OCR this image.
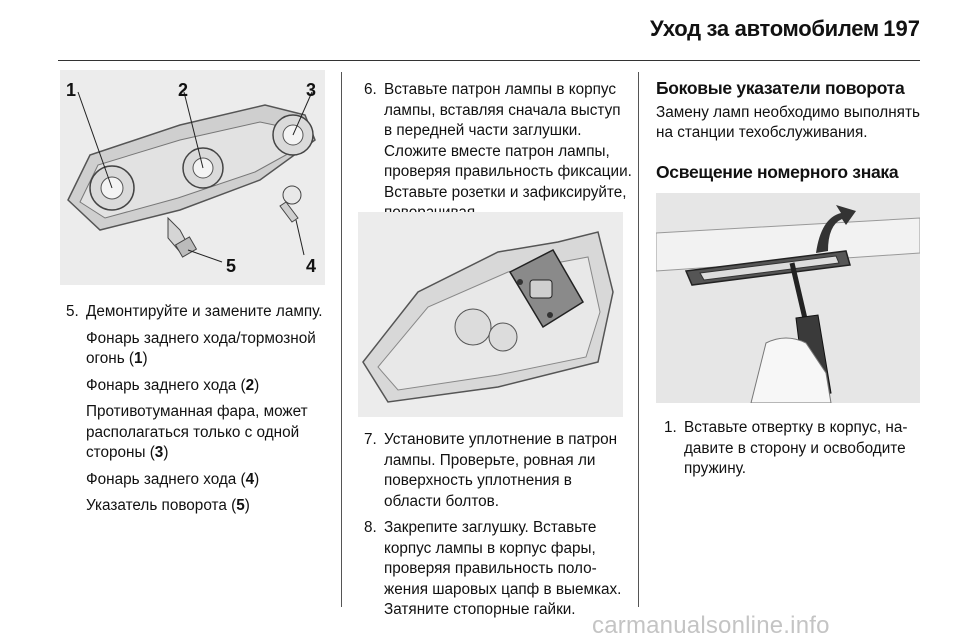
Уход за автомобилем 197
1	2	3
4
5
5. Демонтируйте и замените лампу.

Фонарь заднего хода/тормозной огонь (1)

Фонарь заднего хода (2)

Противотуманная фара, может располагаться только с одной стороны (3)

Фонарь заднего хода (4)

Указатель поворота (5)

6. Вставьте патрон лампы в корпус лампы, вставляя сначала выступ в передней части заглушки. Сложите вместе патрон лампы, проверяя правильность фиксации. Вставьте розетки и зафиксируйте,
7. Установите уплотнение в патрон лампы. Проверьте, ровная ли поверхность уплотнения в области болтов.
8. Закрепите заглушку. Вставьте корпус лампы в корпус фары, проверяя правильность положения шаровых цапф в выемках. Затяните стопорные гайки.

Боковые указатели поворота

Замену ламп необходимо выполнять на станции техобслуживания.

Освещение номерного знака

1. Вставьте отвертку в корпус, надавите в сторону и освободите пружину.
carmanualsonline.info
